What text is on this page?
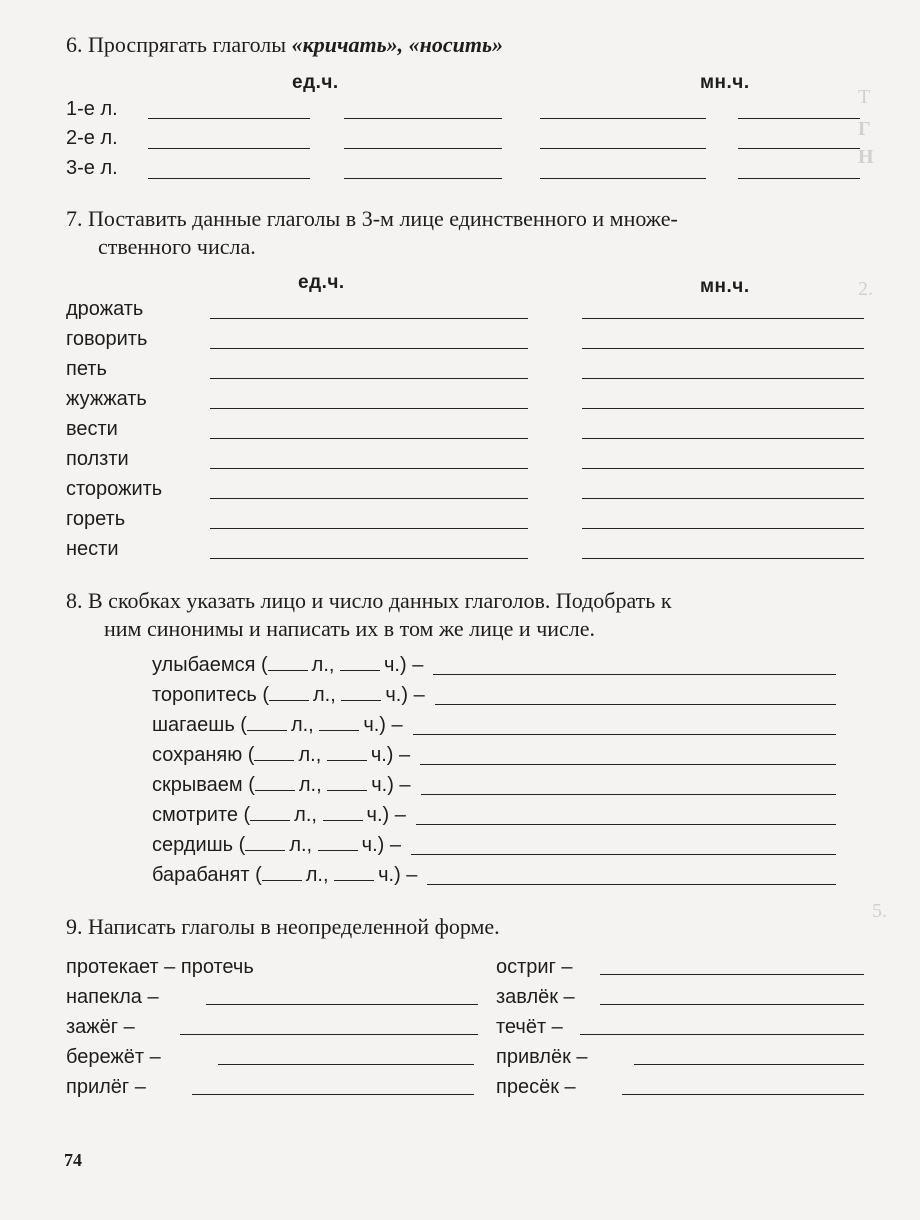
Т
Г
Н
2.
5.
6. Проспрягать глаголы «кричать», «носить»
ед.ч.	мн.ч.
1-е л.
2-е л.
3-е л.
7. Поставить данные глаголы в 3-м лице единственного и множе-
ственного числа.
ед.ч.	мн.ч.
дрожать
говорить
петь
жужжать
вести
ползти
сторожить
гореть
нести
8. В скобках указать лицо и число данных глаголов. Подобрать к
ним синонимы и написать их в том же лице и числе.
улыбаемся ( л., ч.) –
торопитесь ( л., ч.) –
шагаешь ( л., ч.) –
сохраняю ( л., ч.) –
скрываем ( л., ч.) –
смотрите ( л., ч.) –
сердишь ( л., ч.) –
барабанят ( л., ч.) –
9. Написать глаголы в неопределенной форме.
протекает – протечь
напекла –
зажёг –
бережёт –
прилёг –
остриг –
завлёк –
течёт –
привлёк –
пресёк –
74
